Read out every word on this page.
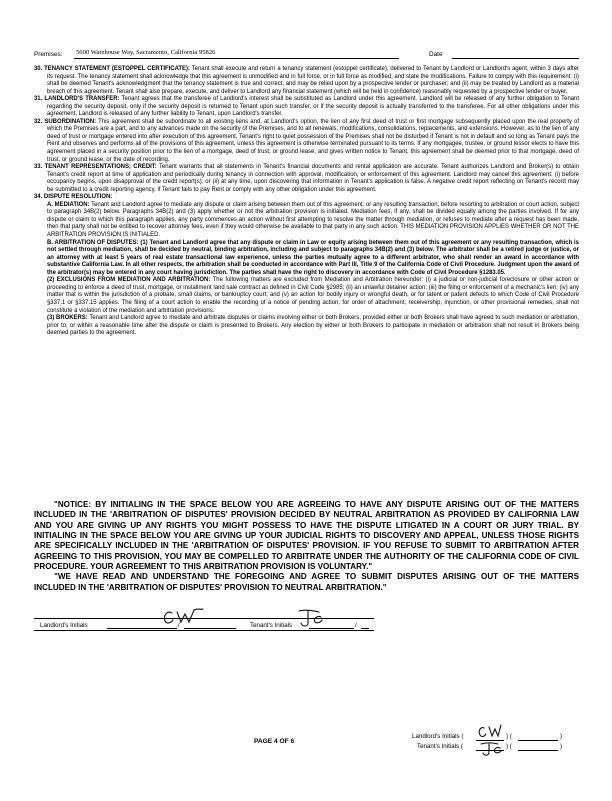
Premises: 5600 Warehouse Way, Sacramento, California 95826	Date

30. TENANCY STATEMENT (ESTOPPEL CERTIFICATE): Tenant shall execute and return a tenancy statement (estoppel certificate), delivered to Tenant by Landlord or Landlord's agent, within 3 days after its request. The tenancy statement shall acknowledge that this agreement is unmodified and in full force, or in full force as modified, and state the modifications. Failure to comply with this requirement: (i) shall be deemed Tenant's acknowledgment that the tenancy statement is true and correct, and may be relied upon by a prospective lender or purchaser; and (ii) may be treated by Landlord as a material breach of this agreement. Tenant shall also prepare, execute, and deliver to Landlord any financial statement (which will be held in confidence) reasonably requested by a prospective lender or buyer.

31. LANDLORD'S TRANSFER: Tenant agrees that the transferee of Landlord's interest shall be substituted as Landlord under this agreement. Landlord will be released of any further obligation to Tenant regarding the security deposit, only if the security deposit is returned to Tenant upon such transfer, or if the security deposit is actually transferred to the transferee. For all other obligations under this agreement, Landlord is released of any further liability to Tenant, upon Landlord's transfer.

32. SUBORDINATION: This agreement shall be subordinate to all existing liens and, at Landlord's option, the lien of any first deed of trust or first mortgage subsequently placed upon the real property of which the Premises are a part, and to any advances made on the security of the Premises, and to all renewals, modifications, consolidations, replacements, and extensions. However, as to the lien of any deed of trust or mortgage entered into after execution of this agreement, Tenant's right to quiet possession of the Premises shall not be disturbed if Tenant is not in default and so long as Tenant pays the Rent and observes and performs all of the provisions of this agreement, unless this agreement is otherwise terminated pursuant to its terms. If any mortgagee, trustee, or ground lessor elects to have this agreement placed in a security position prior to the lien of a mortgage, deed of trust, or ground lease, and gives written notice to Tenant, this agreement shall be deemed prior to that mortgage, deed of trust, or ground lease, or the date of recording.

33. TENANT REPRESENTATIONS; CREDIT: Tenant warrants that all statements in Tenant's financial documents and rental application are accurate. Tenant authorizes Landlord and Broker(s) to obtain Tenant's credit report at time of application and periodically during tenancy in connection with approval, modification, or enforcement of this agreement. Landlord may cancel this agreement: (i) before occupancy begins, upon disapproval of the credit report(s); or (ii) at any time, upon discovering that information in Tenant's application is false. A negative credit report reflecting on Tenant's record may be submitted to a credit reporting agency, if Tenant fails to pay Rent or comply with any other obligation under this agreement.

34. DISPUTE RESOLUTION:

A. MEDIATION: Tenant and Landlord agree to mediate any dispute or claim arising between them out of this agreement, or any resulting transaction, before resorting to arbitration or court action, subject to paragraph 34B(2) below. Paragraphs 34B(2) and (3) apply whether or not the arbitration provision is initialed. Mediation fees, if any, shall be divided equally among the parties involved. If for any dispute or claim to which this paragraph applies, any party commences an action without first attempting to resolve the matter through mediation, or refuses to mediate after a request has been made, then that party shall not be entitled to recover attorney fees, even if they would otherwise be available to that party in any such action. THIS MEDIATION PROVISION APPLIES WHETHER OR NOT THE ARBITRATION PROVISION IS INITIALED.

B. ARBITRATION OF DISPUTES: (1) Tenant and Landlord agree that any dispute or claim in Law or equity arising between them out of this agreement or any resulting transaction, which is not settled through mediation, shall be decided by neutral, binding arbitration, including and subject to paragraphs 34B(2) and (3) below. The arbitrator shall be a retired judge or justice, or an attorney with at least 5 years of real estate transactional law experience, unless the parties mutually agree to a different arbitrator, who shall render an award in accordance with substantive California Law. In all other respects, the arbitration shall be conducted in accordance with Part III, Title 9 of the California Code of Civil Procedure. Judgment upon the award of the arbitrator(s) may be entered in any court having jurisdiction. The parties shall have the right to discovery in accordance with Code of Civil Procedure §1283.05.

(2) EXCLUSIONS FROM MEDIATION AND ARBITRATION: The following matters are excluded from Mediation and Arbitration hereunder: (i) a judicial or non-judicial foreclosure or other action or proceeding to enforce a deed of trust, mortgage, or installment land sale contract as defined in Civil Code §2985; (ii) an unlawful detainer action; (iii) the filing or enforcement of a mechanic's lien; (iv) any matter that is within the jurisdiction of a probate, small claims, or bankruptcy court; and (v) an action for bodily injury or wrongful death, or for latent or patent defects to which Code of Civil Procedure §337.1 or §337.15 applies. The filing of a court action to enable the recording of a notice of pending action, for order of attachment, receivership, injunction, or other provisional remedies, shall not constitute a violation of the mediation and arbitration provisions.

(3) BROKERS: Tenant and Landlord agree to mediate and arbitrate disputes or claims involving either or both Brokers, provided either or both Brokers shall have agreed to such mediation or arbitration, prior to, or within a reasonable time after the dispute or claim is presented to Brokers. Any election by either or both Brokers to participate in mediation or arbitration shall not result in Brokers being deemed parties to the agreement.

"NOTICE: BY INITIALING IN THE SPACE BELOW YOU ARE AGREEING TO HAVE ANY DISPUTE ARISING OUT OF THE MATTERS INCLUDED IN THE 'ARBITRATION OF DISPUTES' PROVISION DECIDED BY NEUTRAL ARBITRATION AS PROVIDED BY CALIFORNIA LAW AND YOU ARE GIVING UP ANY RIGHTS YOU MIGHT POSSESS TO HAVE THE DISPUTE LITIGATED IN A COURT OR JURY TRIAL. BY INITIALING IN THE SPACE BELOW YOU ARE GIVING UP YOUR JUDICIAL RIGHTS TO DISCOVERY AND APPEAL, UNLESS THOSE RIGHTS ARE SPECIFICALLY INCLUDED IN THE 'ARBITRATION OF DISPUTES' PROVISION. IF YOU REFUSE TO SUBMIT TO ARBITRATION AFTER AGREEING TO THIS PROVISION, YOU MAY BE COMPELLED TO ARBITRATE UNDER THE AUTHORITY OF THE CALIFORNIA CODE OF CIVIL PROCEDURE. YOUR AGREEMENT TO THIS ARBITRATION PROVISION IS VOLUNTARY."

"WE HAVE READ AND UNDERSTAND THE FOREGOING AND AGREE TO SUBMIT DISPUTES ARISING OUT OF THE MATTERS INCLUDED IN THE 'ARBITRATION OF DISPUTES' PROVISION TO NEUTRAL ARBITRATION."

Landlord's Initials	/	Tenant's Initials	/
PAGE 4 OF 6
Landlord's Initials (	) (	)
Tenant's Initials (	) (	)
